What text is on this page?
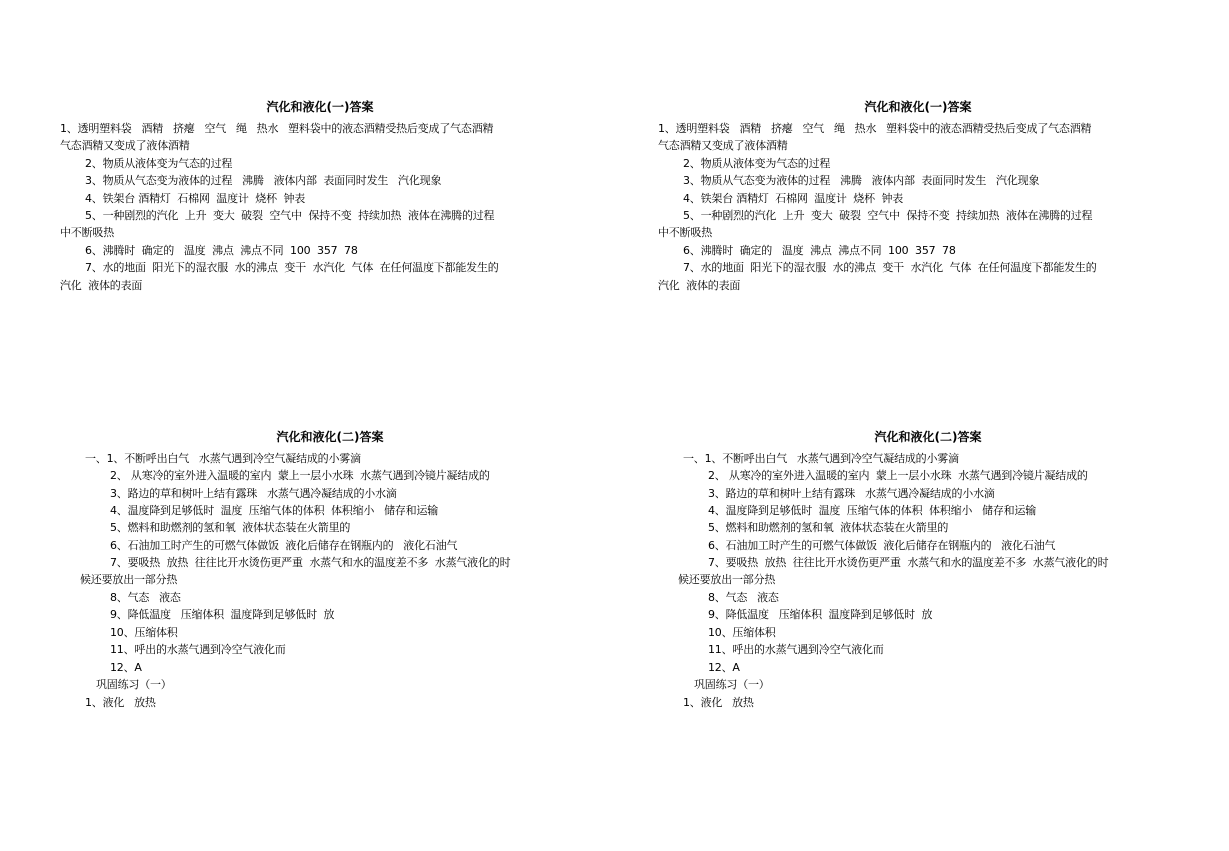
汽化和液化(一)答案
1、透明塑料袋   酒精   挤瘪   空气   绳   热水   塑料袋中的液态酒精受热后变成了气态酒精
气态酒精又变成了液体酒精
2、物质从液体变为气态的过程
3、物质从气态变为液体的过程   沸腾   液体内部  表面同时发生   汽化现象
4、铁架台 酒精灯  石棉网  温度计  烧杯  钟表
5、一种剧烈的汽化  上升  变大  破裂  空气中  保持不变  持续加热  液体在沸腾的过程
中不断吸热
6、沸腾时  确定的   温度  沸点  沸点不同  100  357  78
7、水的地面  阳光下的湿衣服  水的沸点  变干  水汽化  气体  在任何温度下都能发生的
汽化  液体的表面
汽化和液化(一)答案
1、透明塑料袋   酒精   挤瘪   空气   绳   热水   塑料袋中的液态酒精受热后变成了气态酒精
气态酒精又变成了液体酒精
2、物质从液体变为气态的过程
3、物质从气态变为液体的过程   沸腾   液体内部  表面同时发生   汽化现象
4、铁架台 酒精灯  石棉网  温度计  烧杯  钟表
5、一种剧烈的汽化  上升  变大  破裂  空气中  保持不变  持续加热  液体在沸腾的过程
中不断吸热
6、沸腾时  确定的   温度  沸点  沸点不同  100  357  78
7、水的地面  阳光下的湿衣服  水的沸点  变干  水汽化  气体  在任何温度下都能发生的
汽化  液体的表面
汽化和液化(二)答案
一、1、不断呼出白气   水蒸气遇到冷空气凝结成的小雾滴
2、 从寒冷的室外进入温暖的室内  蒙上一层小水珠  水蒸气遇到冷镜片凝结成的
3、路边的草和树叶上结有露珠   水蒸气遇冷凝结成的小水滴
4、温度降到足够低时  温度  压缩气体的体积  体积缩小   储存和运输
5、燃料和助燃剂的氢和氧  液体状态装在火箭里的
6、石油加工时产生的可燃气体做饭  液化后储存在钢瓶内的   液化石油气
7、要吸热  放热  往往比开水烫伤更严重  水蒸气和水的温度差不多  水蒸气液化的时
候还要放出一部分热
8、气态   液态
9、降低温度   压缩体积  温度降到足够低时  放
10、压缩体积
11、呼出的水蒸气遇到冷空气液化而
12、A
巩固练习（一）
1、液化   放热
汽化和液化(二)答案
一、1、不断呼出白气   水蒸气遇到冷空气凝结成的小雾滴
2、 从寒冷的室外进入温暖的室内  蒙上一层小水珠  水蒸气遇到冷镜片凝结成的
3、路边的草和树叶上结有露珠   水蒸气遇冷凝结成的小水滴
4、温度降到足够低时  温度  压缩气体的体积  体积缩小   储存和运输
5、燃料和助燃剂的氢和氧  液体状态装在火箭里的
6、石油加工时产生的可燃气体做饭  液化后储存在钢瓶内的   液化石油气
7、要吸热  放热  往往比开水烫伤更严重  水蒸气和水的温度差不多  水蒸气液化的时
候还要放出一部分热
8、气态   液态
9、降低温度   压缩体积  温度降到足够低时  放
10、压缩体积
11、呼出的水蒸气遇到冷空气液化而
12、A
巩固练习（一）
1、液化   放热
